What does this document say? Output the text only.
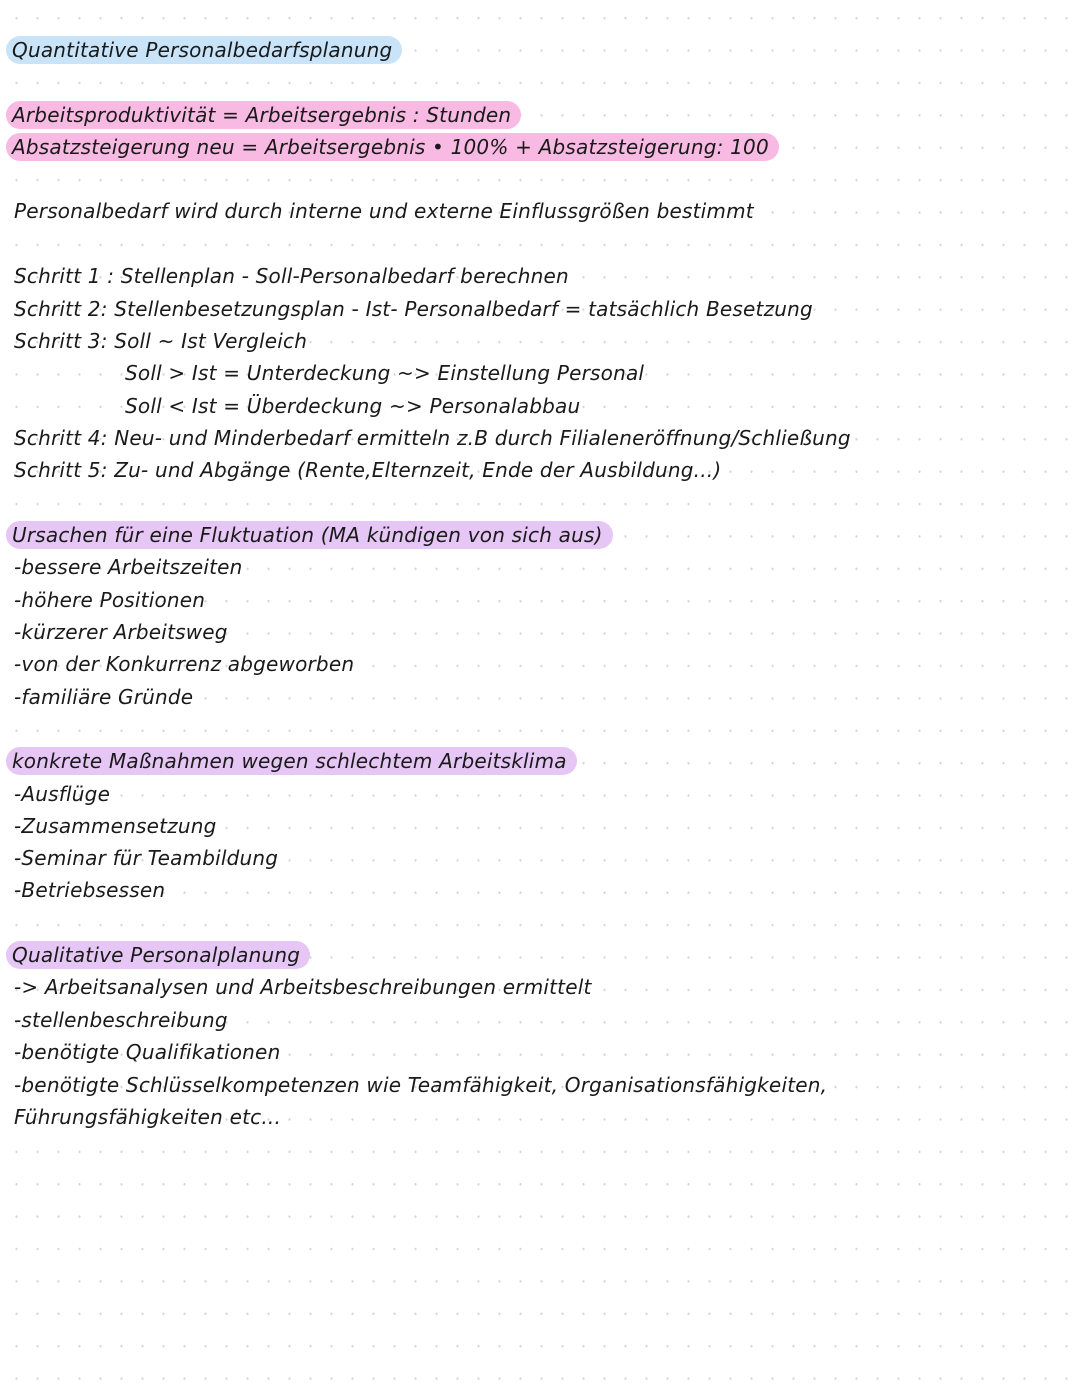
Quantitative Personalbedarfsplanung
Arbeitsproduktivität = Arbeitsergebnis : Stunden
Absatzsteigerung neu = Arbeitsergebnis • 100% + Absatzsteigerung: 100
Personalbedarf wird durch interne und externe Einflussgrößen bestimmt
Schritt 1 : Stellenplan - Soll-Personalbedarf berechnen
Schritt 2: Stellenbesetzungsplan - Ist- Personalbedarf = tatsächlich Besetzung
Schritt 3: Soll ~ Ist Vergleich
Soll > Ist = Unterdeckung ~> Einstellung Personal
Soll < Ist = Überdeckung ~> Personalabbau
Schritt 4: Neu- und Minderbedarf ermitteln z.B durch Filialeneröffnung/Schließung
Schritt 5: Zu- und Abgänge (Rente,Elternzeit, Ende der Ausbildung...)
Ursachen für eine Fluktuation (MA kündigen von sich aus)
-bessere Arbeitszeiten
-höhere Positionen
-kürzerer Arbeitsweg
-von der Konkurrenz abgeworben
-familiäre Gründe
konkrete Maßnahmen wegen schlechtem Arbeitsklima
-Ausflüge
-Zusammensetzung
-Seminar für Teambildung
-Betriebsessen
Qualitative Personalplanung
-> Arbeitsanalysen und Arbeitsbeschreibungen ermittelt
-stellenbeschreibung
-benötigte Qualifikationen
-benötigte Schlüsselkompetenzen wie Teamfähigkeit, Organisationsfähigkeiten,
Führungsfähigkeiten etc...
